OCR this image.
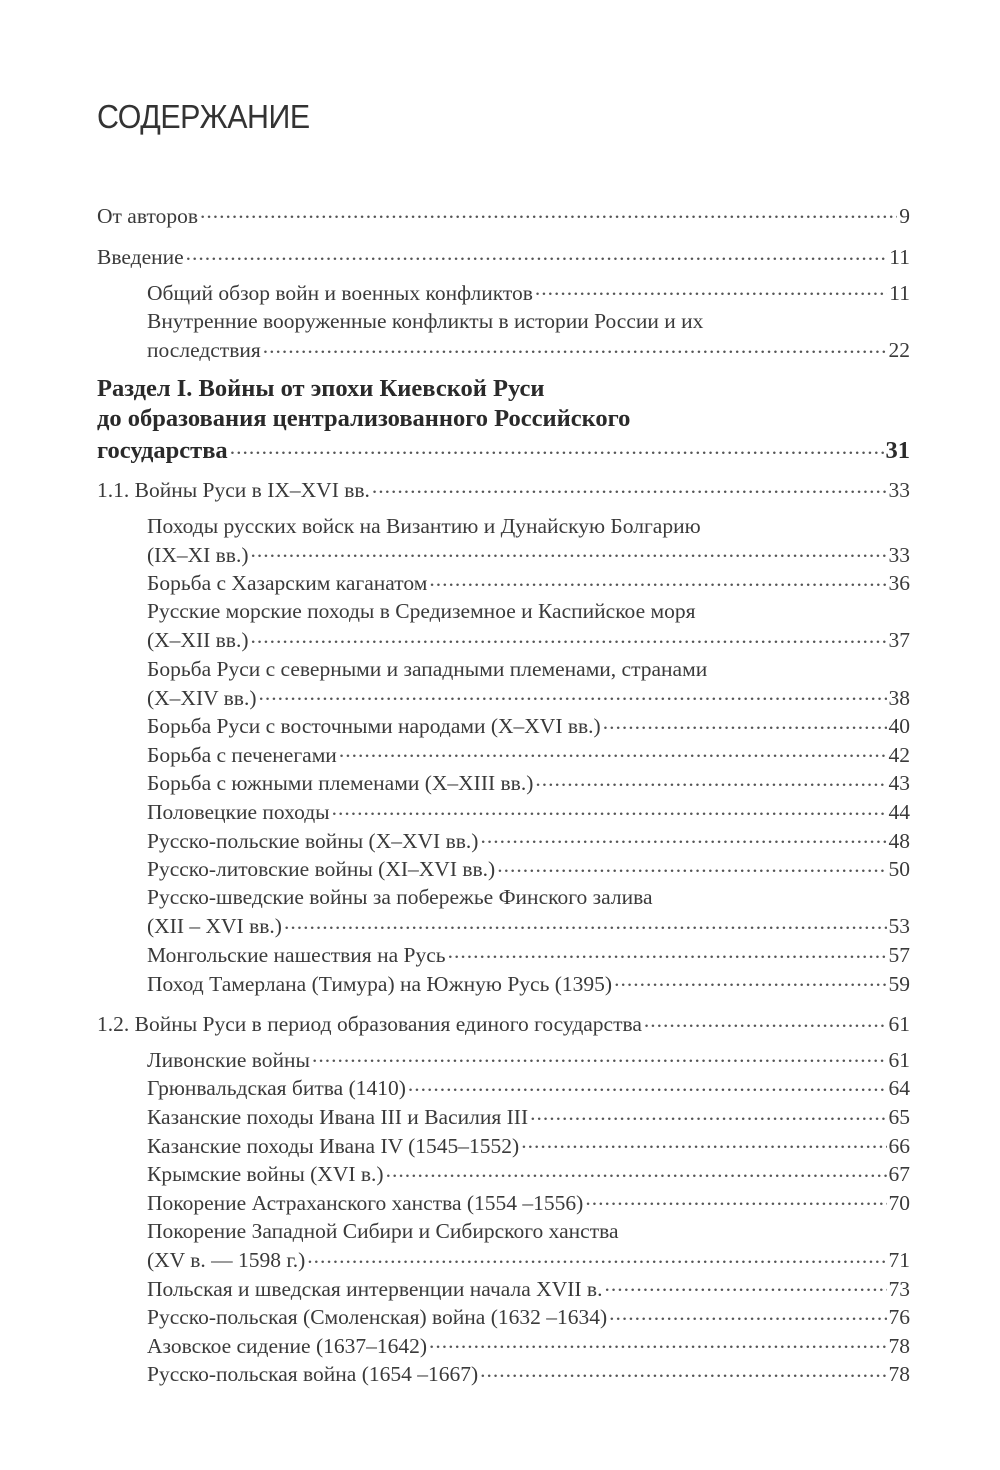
СОДЕРЖАНИЕ
От авторов .....	9
Введение .....	11
Общий обзор войн и военных конфликтов .....	11
Внутренние вооруженные конфликты в истории России и их
последствия .....	22
Раздел I. Войны от эпохи Киевской Руси
до образования централизованного Российского
государства .....	31
1.1. Войны Руси в IX–XVI вв. .....	33
Походы русских войск на Византию и Дунайскую Болгарию
(IX–XI вв.) .....	33
Борьба с Хазарским каганатом .....	36
Русские морские походы в Средиземное и Каспийское моря
(X–XII вв.) .....	37
Борьба Руси с северными и западными племенами, странами
(X–XIV вв.) .....	38
Борьба Руси с восточными народами (X–XVI вв.) .....	40
Борьба с печенегами .....	42
Борьба с южными племенами (X–XIII вв.) .....	43
Половецкие походы .....	44
Русско-польские войны (X–XVI вв.) .....	48
Русско-литовские войны (XI–XVI вв.) .....	50
Русско-шведские войны за побережье Финского залива
(XII – XVI вв.) .....	53
Монгольские нашествия на Русь .....	57
Поход Тамерлана (Тимура) на Южную Русь (1395) .....	59
1.2. Войны Руси в период образования единого государства .....	61
Ливонские войны .....	61
Грюнвальдская битва (1410) .....	64
Казанские походы Ивана III и Василия III .....	65
Казанские походы Ивана IV (1545–1552) .....	66
Крымские войны (XVI в.) .....	67
Покорение Астраханского ханства (1554 –1556) .....	70
Покорение Западной Сибири и Сибирского ханства
(XV в. — 1598 г.) .....	71
Польская и шведская интервенции начала XVII в. .....	73
Русско-польская (Смоленская) война (1632 –1634) .....	76
Азовское сидение (1637–1642) .....	78
Русско-польская война (1654 –1667) .....	78
